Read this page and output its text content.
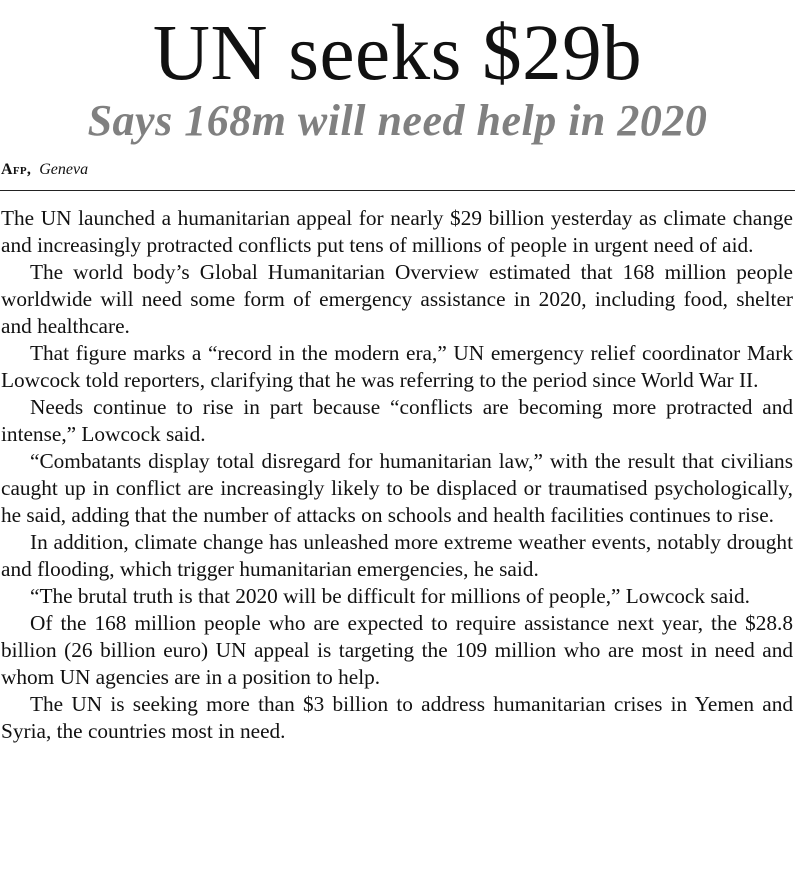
UN seeks $29b
Says 168m will need help in 2020
Afp, Geneva

The UN launched a humanitarian appeal for nearly $29 billion yesterday as climate change and increasingly protracted conflicts put tens of millions of people in urgent need of aid.

The world body’s Global Humanitarian Overview estimated that 168 million people worldwide will need some form of emergency assistance in 2020, including food, shelter and healthcare.

That figure marks a “record in the modern era,” UN emergency relief coordinator Mark Lowcock told reporters, clarifying that he was referring to the period since World War II.

Needs continue to rise in part because “conflicts are becoming more protracted and intense,” Lowcock said.

“Combatants display total disregard for humanitarian law,” with the result that civilians caught up in conflict are increasingly likely to be displaced or traumatised psychologically, he said, adding that the number of attacks on schools and health facilities continues to rise.

In addition, climate change has unleashed more extreme weather events, notably drought and flooding, which trigger humanitarian emergencies, he said.

“The brutal truth is that 2020 will be difficult for millions of people,” Lowcock said.

Of the 168 million people who are expected to require assistance next year, the $28.8 billion (26 billion euro) UN appeal is targeting the 109 million who are most in need and whom UN agencies are in a position to help.

The UN is seeking more than $3 billion to address humanitarian crises in Yemen and Syria, the countries most in need.
